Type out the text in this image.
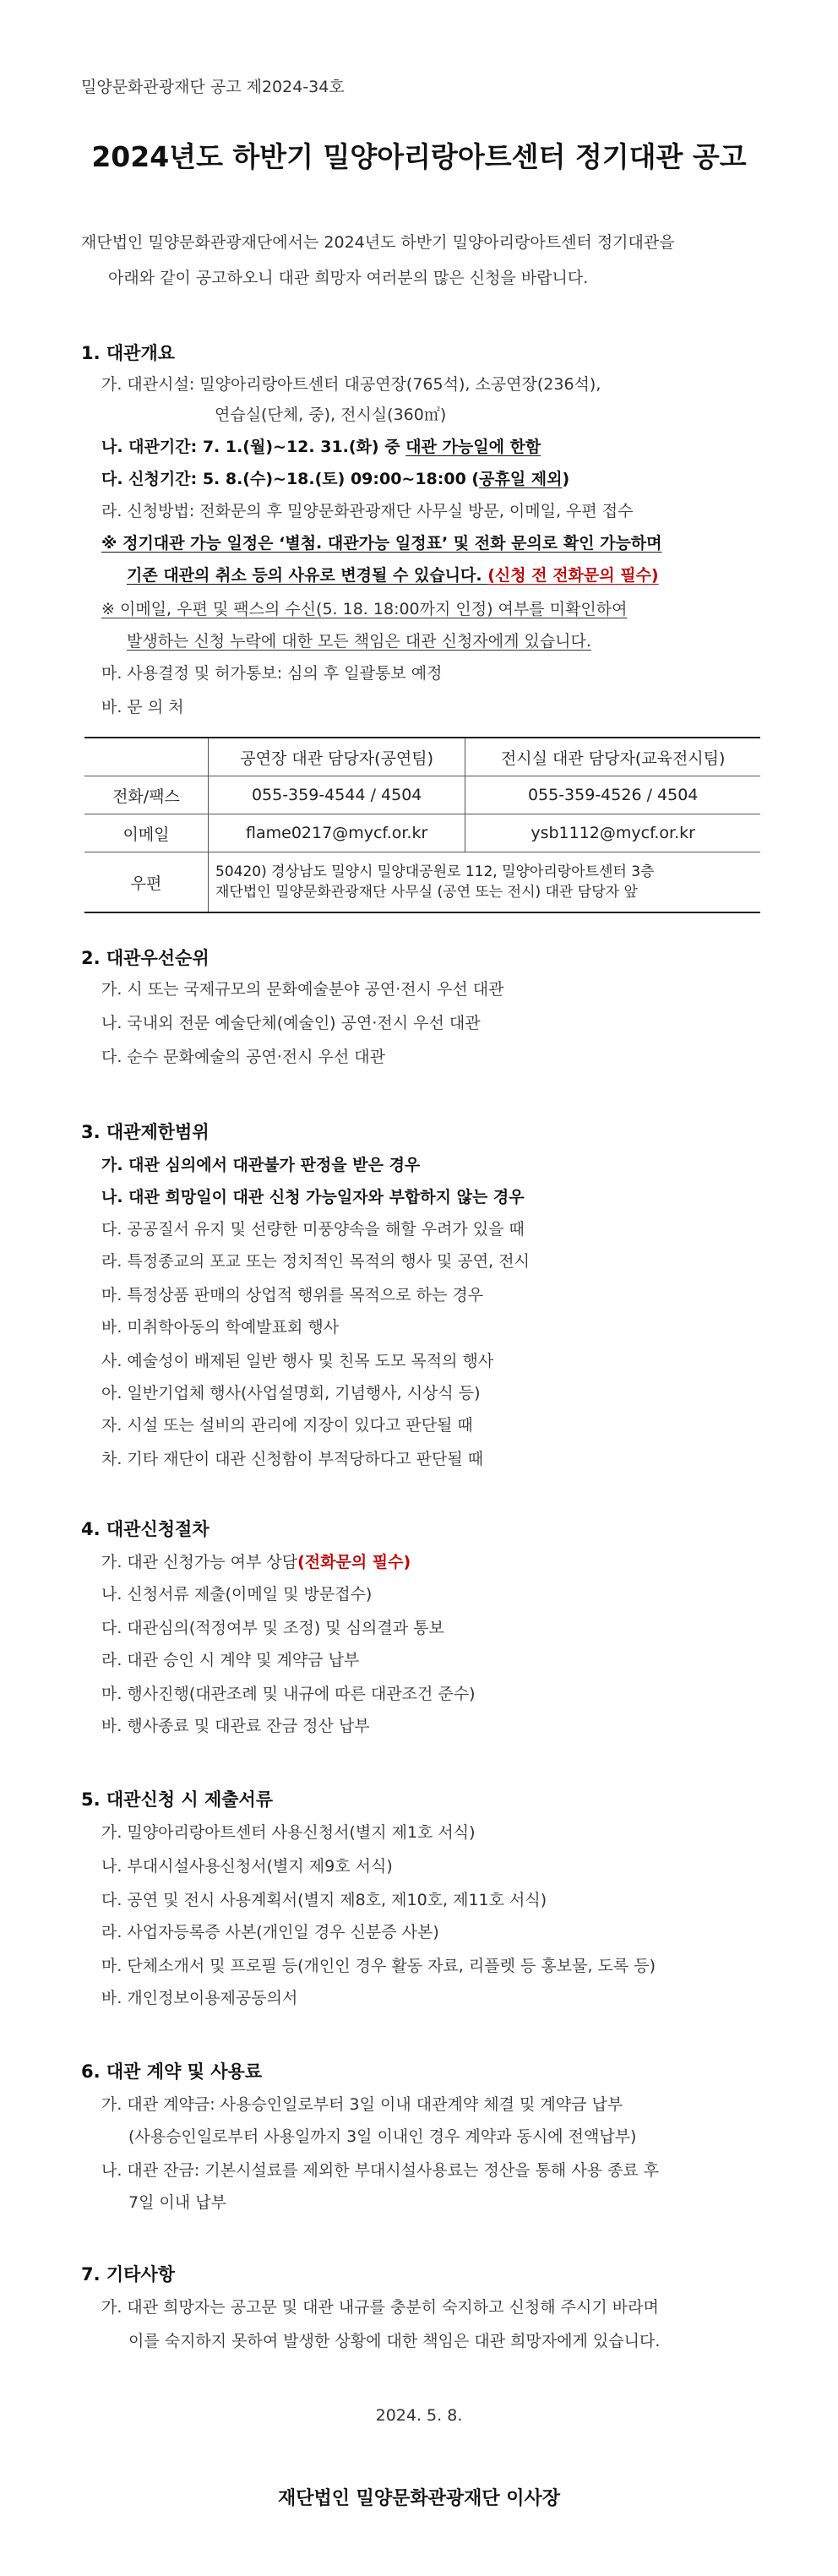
밀양문화관광재단 공고 제2024-34호
2024년도 하반기 밀양아리랑아트센터 정기대관 공고
재단법인 밀양문화관광재단에서는 2024년도 하반기 밀양아리랑아트센터 정기대관을
아래와 같이 공고하오니 대관 희망자 여러분의 많은 신청을 바랍니다.
1. 대관개요
가. 대관시설: 밀양아리랑아트센터 대공연장(765석), 소공연장(236석),
연습실(단체, 중), 전시실(360㎡)
나. 대관기간: 7. 1.(월)~12. 31.(화) 중 대관 가능일에 한함
다. 신청기간: 5. 8.(수)~18.(토) 09:00~18:00 (공휴일 제외)
라. 신청방법: 전화문의 후 밀양문화관광재단 사무실 방문, 이메일, 우편 접수
※ 정기대관 가능 일정은 ‘별첨. 대관가능 일정표’ 및 전화 문의로 확인 가능하며
기존 대관의 취소 등의 사유로 변경될 수 있습니다. (신청 전 전화문의 필수)
※ 이메일, 우편 및 팩스의 수신(5. 18. 18:00까지 인정) 여부를 미확인하여
발생하는 신청 누락에 대한 모든 책임은 대관 신청자에게 있습니다.
마. 사용결정 및 허가통보: 심의 후 일괄통보 예정
바. 문 의 처
	공연장 대관 담당자(공연팀)	전시실 대관 담당자(교육전시팀)
전화/팩스	055-359-4544 / 4504	055-359-4526 / 4504
이메일	flame0217@mycf.or.kr	ysb1112@mycf.or.kr
우편	50420) 경상남도 밀양시 밀양대공원로 112, 밀양아리랑아트센터 3층
재단법인 밀양문화관광재단 사무실 (공연 또는 전시) 대관 담당자 앞	
2. 대관우선순위
가. 시 또는 국제규모의 문화예술분야 공연·전시 우선 대관
나. 국내외 전문 예술단체(예술인) 공연·전시 우선 대관
다. 순수 문화예술의 공연·전시 우선 대관
3. 대관제한범위
가. 대관 심의에서 대관불가 판정을 받은 경우
나. 대관 희망일이 대관 신청 가능일자와 부합하지 않는 경우
다. 공공질서 유지 및 선량한 미풍양속을 해할 우려가 있을 때
라. 특정종교의 포교 또는 정치적인 목적의 행사 및 공연, 전시
마. 특정상품 판매의 상업적 행위를 목적으로 하는 경우
바. 미취학아동의 학예발표회 행사
사. 예술성이 배제된 일반 행사 및 친목 도모 목적의 행사
아. 일반기업체 행사(사업설명회, 기념행사, 시상식 등)
자. 시설 또는 설비의 관리에 지장이 있다고 판단될 때
차. 기타 재단이 대관 신청함이 부적당하다고 판단될 때
4. 대관신청절차
가. 대관 신청가능 여부 상담(전화문의 필수)
나. 신청서류 제출(이메일 및 방문접수)
다. 대관심의(적정여부 및 조정) 및 심의결과 통보
라. 대관 승인 시 계약 및 계약금 납부
마. 행사진행(대관조례 및 내규에 따른 대관조건 준수)
바. 행사종료 및 대관료 잔금 정산 납부
5. 대관신청 시 제출서류
가. 밀양아리랑아트센터 사용신청서(별지 제1호 서식)
나. 부대시설사용신청서(별지 제9호 서식)
다. 공연 및 전시 사용계획서(별지 제8호, 제10호, 제11호 서식)
라. 사업자등록증 사본(개인일 경우 신분증 사본)
마. 단체소개서 및 프로필 등(개인인 경우 활동 자료, 리플렛 등 홍보물, 도록 등)
바. 개인정보이용제공동의서
6. 대관 계약 및 사용료
가. 대관 계약금: 사용승인일로부터 3일 이내 대관계약 체결 및 계약금 납부
(사용승인일로부터 사용일까지 3일 이내인 경우 계약과 동시에 전액납부)
나. 대관 잔금: 기본시설료를 제외한 부대시설사용료는 정산을 통해 사용 종료 후
7일 이내 납부
7. 기타사항
가. 대관 희망자는 공고문 및 대관 내규를 충분히 숙지하고 신청해 주시기 바라며
이를 숙지하지 못하여 발생한 상황에 대한 책임은 대관 희망자에게 있습니다.
2024. 5. 8.
재단법인 밀양문화관광재단 이사장
